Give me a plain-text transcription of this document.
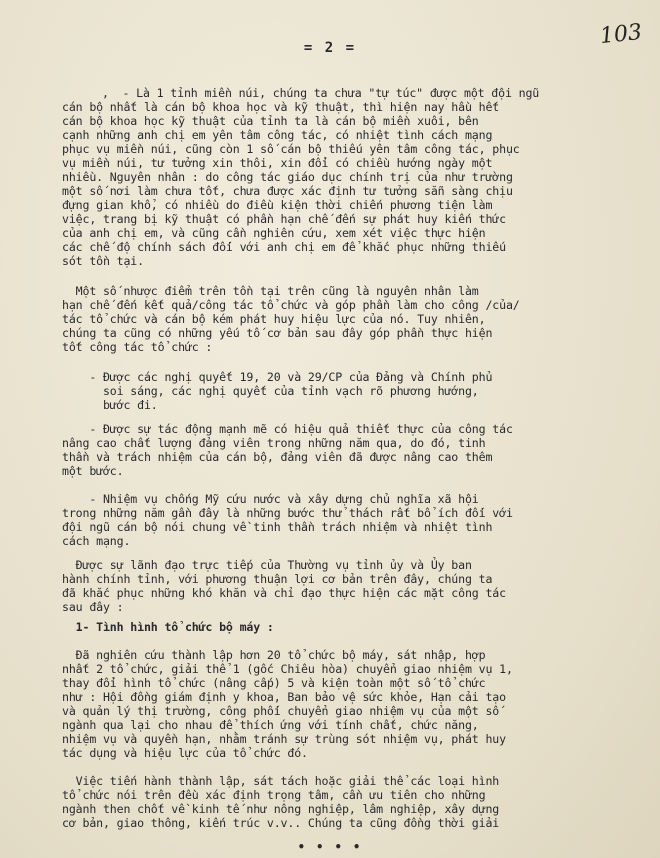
= 2 =	103
,  - Là 1 tỉnh miền núi, chúng ta chưa "tự túc" được một đội ngũ
cán bộ nhất là cán bộ khoa học và kỹ thuật, thì hiện nay hầu hết
cán bộ khoa học kỹ thuật của tỉnh ta là cán bộ miền xuôi, bên
cạnh những anh chị em yên tâm công tác, có nhiệt tình cách mạng
phục vụ miền núi, cũng còn 1 số cán bộ thiếu yên tâm công tác, phục
vụ miền núi, tư tưởng xin thôi, xin đổi có chiều hướng ngày một
nhiều. Nguyên nhân : do công tác giáo dục chính trị của như trường
một số nơi làm chưa tốt, chưa được xác định tư tưởng sẵn sàng chịu
đựng gian khổ, có nhiều do điều kiện thời chiến phương tiện làm
việc, trang bị kỹ thuật có phần hạn chế đến sự phát huy kiến thức
của anh chị em, và cũng cần nghiên cứu, xem xét việc thực hiện
các chế độ chính sách đối với anh chị em để khắc phục những thiếu
sót tồn tại.
Một số nhược điểm trên tồn tại trên cũng là nguyên nhân làm
hạn chế đến kết quả/công tác tổ chức và góp phần làm cho công /của/
tác tổ chức và cán bộ kém phát huy hiệu lực của nó. Tuy nhiên,
chúng ta cũng có những yếu tố cơ bản sau đây góp phần thực hiện
tốt công tác tổ chức :
- Được các nghị quyết 19, 20 và 29/CP của Đảng và Chính phủ
soi sáng, các nghị quyết của tỉnh vạch rõ phương hướng,
bước đi.
- Được sự tác động mạnh mẽ có hiệu quả thiết thực của công tác
nâng cao chất lượng đảng viên trong những năm qua, do đó, tinh
thần và trách nhiệm của cán bộ, đảng viên đã được nâng cao thêm
một bước.
- Nhiệm vụ chống Mỹ cứu nước và xây dựng chủ nghĩa xã hội
trong những năm gần đây là những bước thử thách rất bổ ích đối với
đội ngũ cán bộ nói chung về tinh thần trách nhiệm và nhiệt tình
cách mạng.
Được sự lãnh đạo trực tiếp của Thường vụ tỉnh ủy và Ủy ban
hành chính tỉnh, với phương thuận lợi cơ bản trên đây, chúng ta
đã khắc phục những khó khăn và chỉ đạo thực hiện các mặt công tác
sau đây :
1- Tình hình tổ chức bộ máy :
Đã nghiên cứu thành lập hơn 20 tổ chức bộ máy, sát nhập, hợp
nhất 2 tổ chức, giải thể 1 (gốc Chiêu hòa) chuyển giao nhiệm vụ 1,
thay đổi hình tổ chức (nâng cấp) 5 và kiện toàn một số tổ chức
như : Hội đồng giám định y khoa, Ban bảo vệ sức khỏe, Hạn cải tạo
và quản lý thị trường, công phối chuyển giao nhiệm vụ của một số
ngành qua lại cho nhau để thích ứng với tính chất, chức năng,
nhiệm vụ và quyền hạn, nhằm tránh sự trùng sót nhiệm vụ, phát huy
tác dụng và hiệu lực của tổ chức đó.
Việc tiến hành thành lập, sát tách hoặc giải thể các loại hình
tổ chức nói trên đều xác định trọng tâm, cần ưu tiên cho những
ngành then chốt về kinh tế như nông nghiệp, lâm nghiệp, xây dựng
cơ bản, giao thông, kiến trúc v.v.. Chúng ta cũng đồng thời giải
• • • •
